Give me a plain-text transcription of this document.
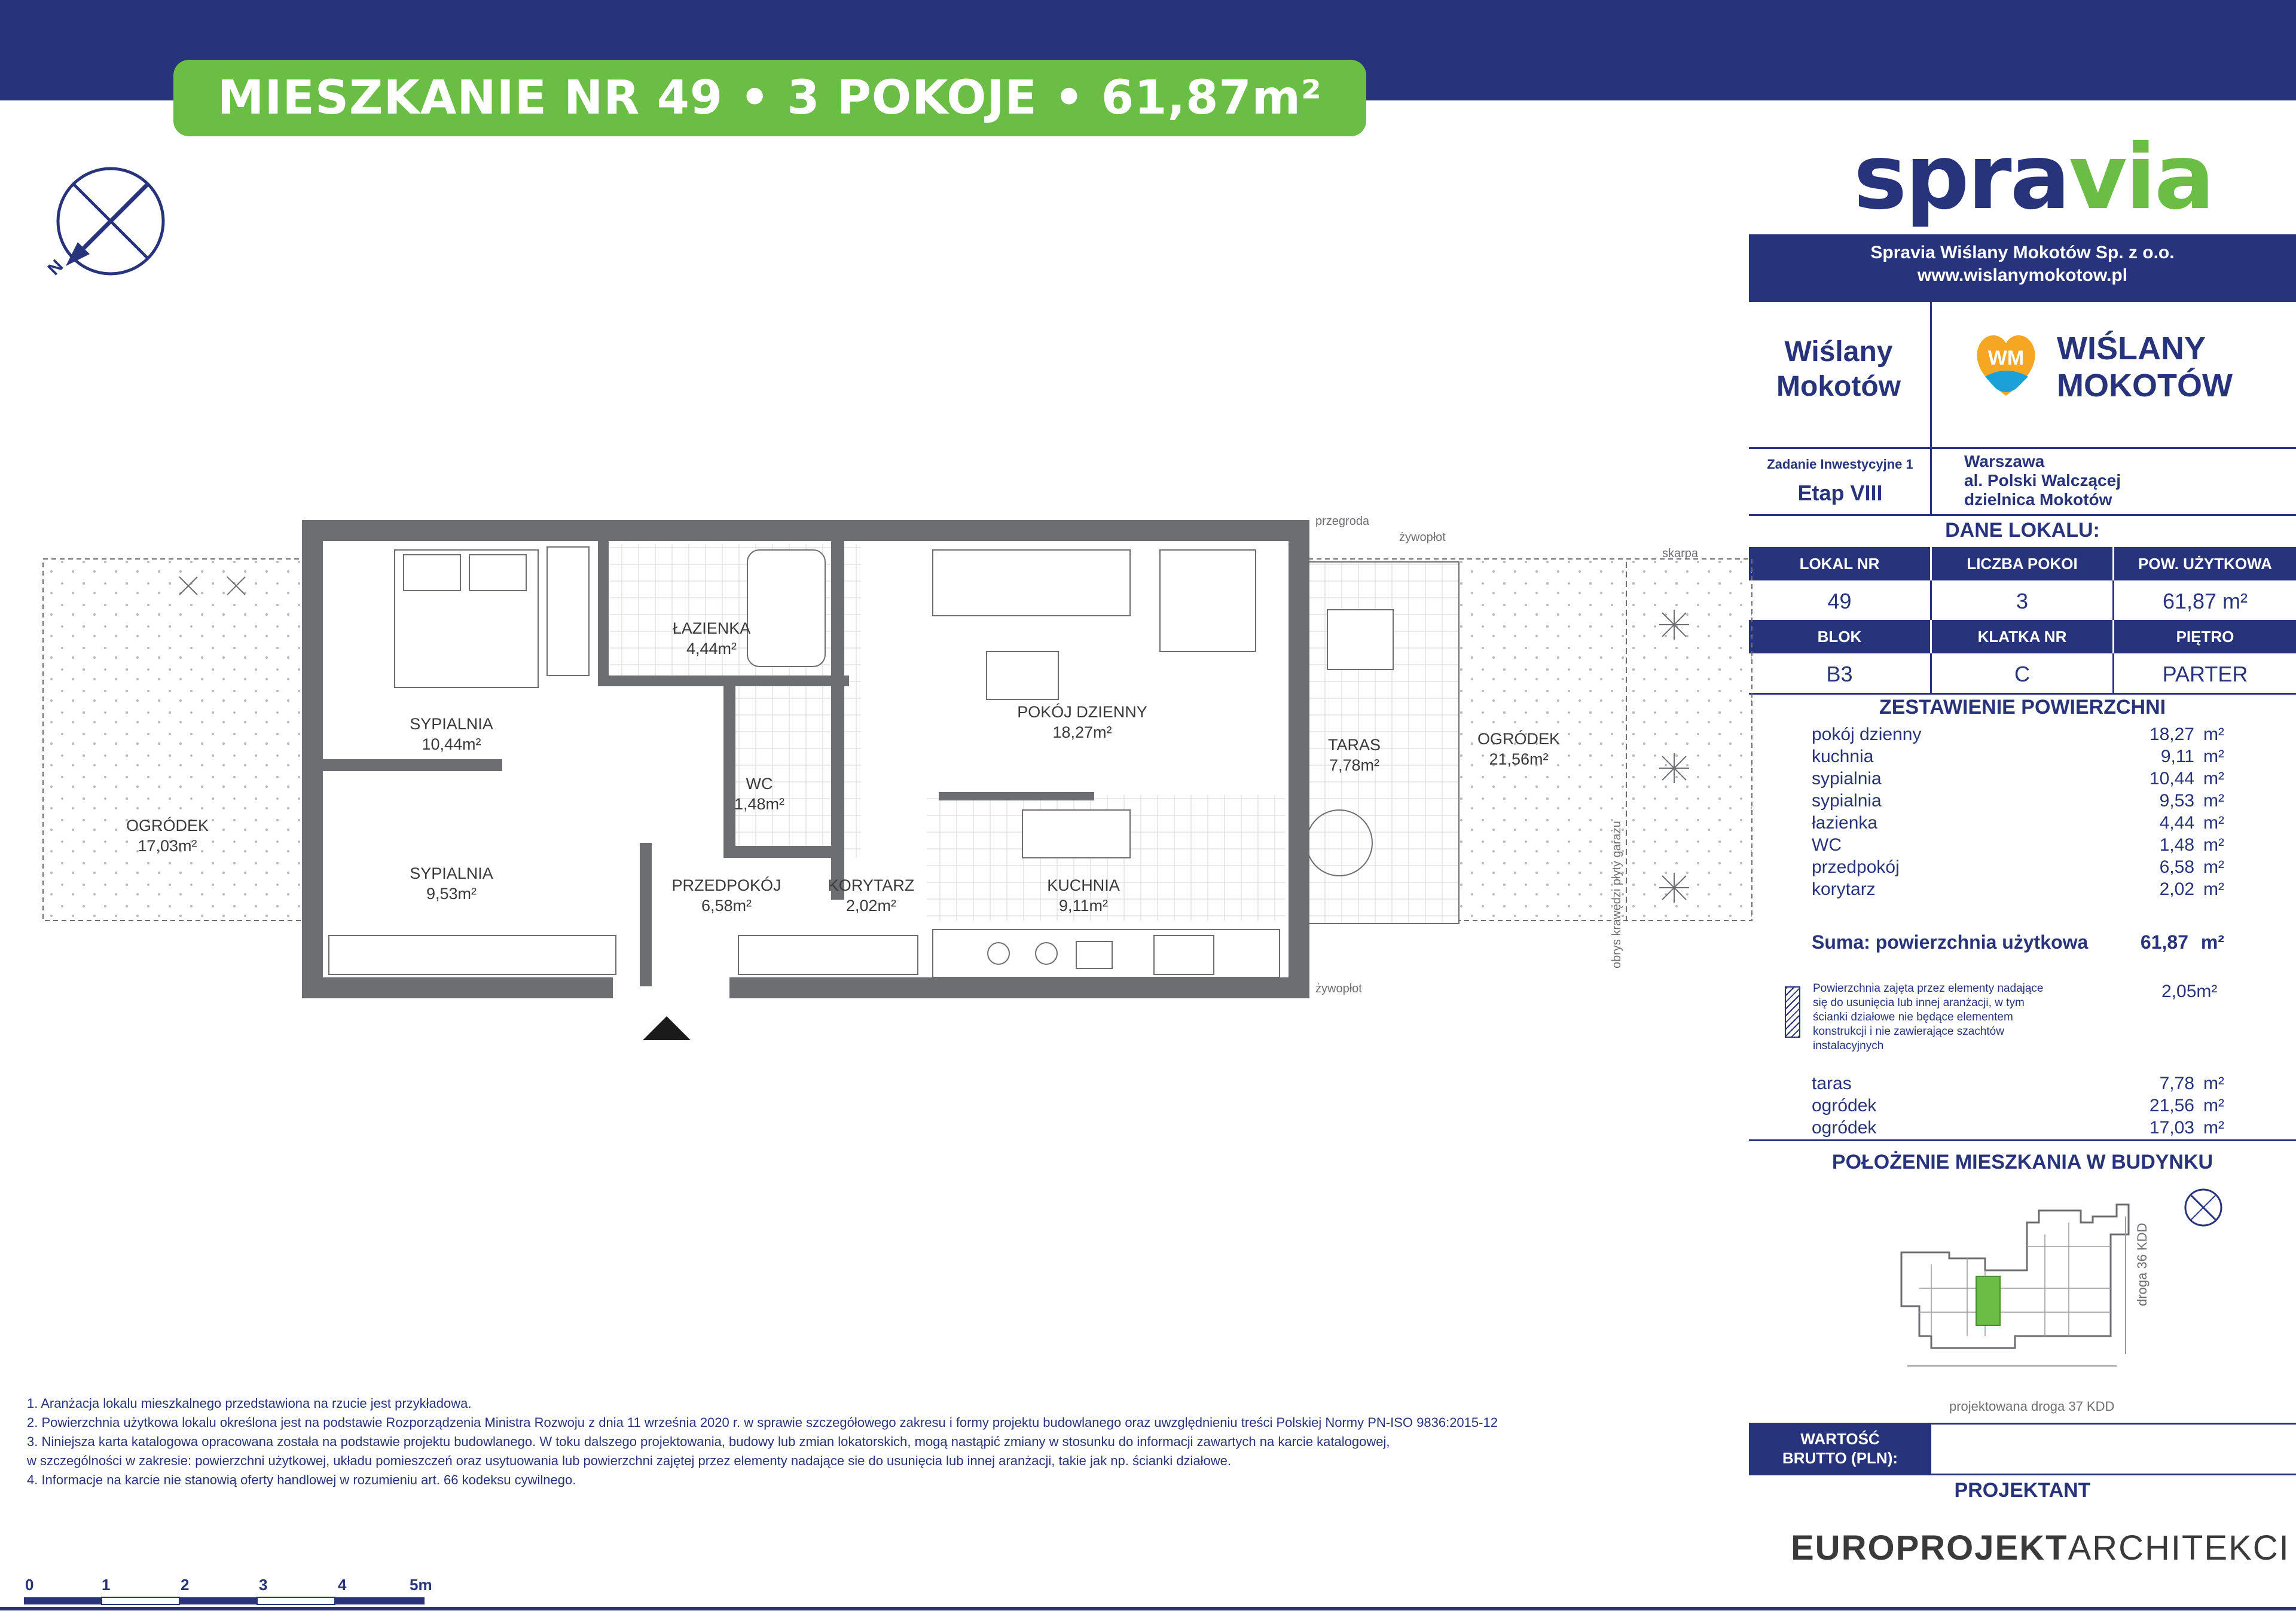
MIESZKANIE NR 49 • 3 POKOJE • 61,87m²
spravia
Spravia Wiślany Mokotów Sp. z o.o.
www.wislanymokotow.pl
Wiślany
Mokotów
WM WIŚLANY
MOKOTÓW
Zadanie Inwestycyjne 1
Etap VIII
Warszawa
al. Polski Walczącej
dzielnica Mokotów
DANE LOKALU:
LOKAL NR	LICZBA POKOI	POW. UŻYTKOWA
49	3	61,87 m²
BLOK	KLATKA NR	PIĘTRO
B3	C	PARTER
ZESTAWIENIE POWIERZCHNI
pokój dzienny	18,27 m²
kuchnia	9,11 m²
sypialnia	10,44 m²
sypialnia	9,53 m²
łazienka	4,44 m²
WC	1,48 m²
przedpokój	6,58 m²
korytarz	2,02 m²
Suma: powierzchnia użytkowa	61,87 m²
Powierzchnia zajęta przez elementy nadające się do usunięcia lub innej aranżacji, w tym ścianki działowe nie będące elementem konstrukcji i nie zawierające szachtów instalacyjnych
2,05m²
taras	7,78 m²
ogródek	21,56 m²
ogródek	17,03 m²
POŁOŻENIE MIESZKANIA W BUDYNKU
droga 36 KDD
projektowana droga 37 KDD
WARTOŚĆ
BRUTTO (PLN):
PROJEKTANT
EUROPROJEKTARCHITEKCI
N
SYPIALNIA
10,44m²
ŁAZIENKA
4,44m²
POKÓJ DZIENNY
18,27m²
TARAS
7,78m²
OGRÓDEK
21,56m²
OGRÓDEK
17,03m²
WC
1,48m²
SYPIALNIA
9,53m²	PRZEDPOKÓJ
6,58m²
KORYTARZ
2,02m²
KUCHNIA
9,11m²
przegroda
żywopłot
żywopłot
skarpa
obrys krawędzi płyty garażu
1. Aranżacja lokalu mieszkalnego przedstawiona na rzucie jest przykładowa.
2. Powierzchnia użytkowa lokalu określona jest na podstawie Rozporządzenia Ministra Rozwoju z dnia 11 września 2020 r. w sprawie szczegółowego zakresu i formy projektu budowlanego oraz uwzględnieniu treści Polskiej Normy PN-ISO 9836:2015-12
3. Niniejsza karta katalogowa opracowana została na podstawie projektu budowlanego. W toku dalszego projektowania, budowy lub zmian lokatorskich, mogą nastąpić zmiany w stosunku do informacji zawartych na karcie katalogowej,
w szczególności w zakresie: powierzchni użytkowej, układu pomieszczeń oraz usytuowania lub powierzchni zajętej przez elementy nadające sie do usunięcia lub innej aranżacji, takie jak np. ścianki działowe.
4. Informacje na karcie nie stanowią oferty handlowej w rozumieniu art. 66 kodeksu cywilnego.
0	1	2	3	4	5m
